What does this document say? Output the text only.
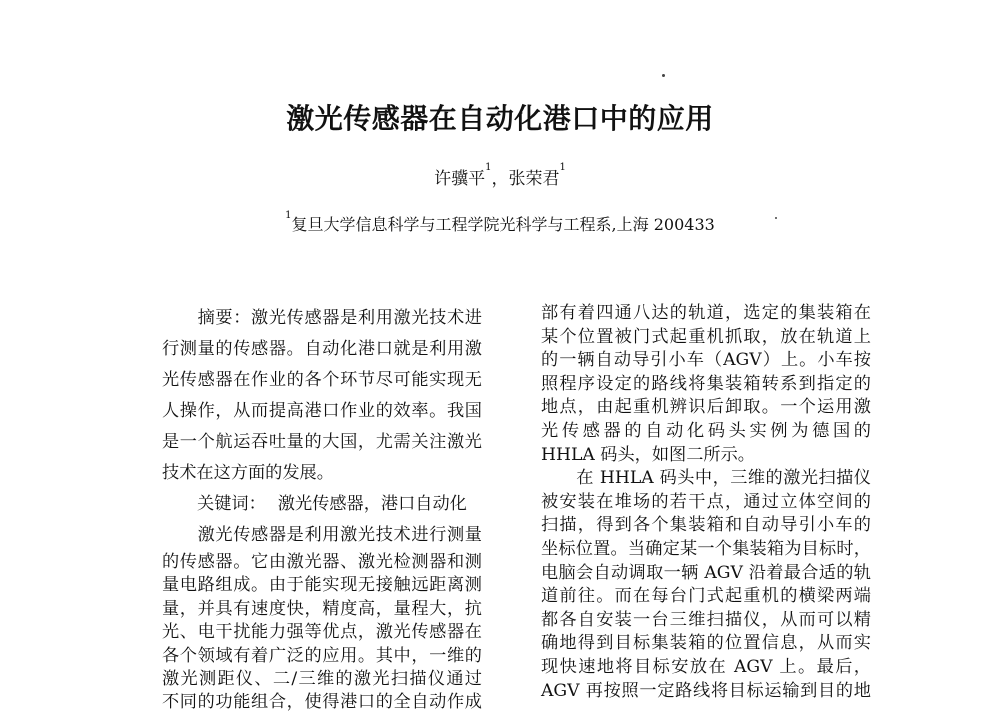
激光传感器在自动化港口中的应用
许骥平$^1$，张荣君$^1$
$^1$复旦大学信息科学与工程学院光科学与工程系,上海 200433
　　摘要：激光传感器是利用激光技术进
行测量的传感器。自动化港口就是利用激
光传感器在作业的各个环节尽可能实现无
人操作，从而提高港口作业的效率。我国
是一个航运吞吐量的大国，尤需关注激光
技术在这方面的发展。
关键词： 激光传感器，港口自动化
　　激光传感器是利用激光技术进行测量
的传感器。它由激光器、激光检测器和测
量电路组成。由于能实现无接触远距离测
量，并具有速度快，精度高，量程大，抗
光、电干扰能力强等优点，激光传感器在
各个领域有着广泛的应用。其中，一维的
激光测距仪、二/三维的激光扫描仪通过
不同的功能组合，使得港口的全自动作成
部有着四通八达的轨道，选定的集装箱在
某个位置被门式起重机抓取，放在轨道上
的一辆自动导引小车（AGV）上。小车按
照程序设定的路线将集装箱转系到指定的
地点，由起重机辨识后卸取。一个运用激
光传感器的自动化码头实例为德国的
HHLA 码头，如图二所示。
　　在 HHLA 码头中，三维的激光扫描仪
被安装在堆场的若干点，通过立体空间的
扫描，得到各个集装箱和自动导引小车的
坐标位置。当确定某一个集装箱为目标时，
电脑会自动调取一辆 AGV 沿着最合适的轨
道前往。而在每台门式起重机的横梁两端
都各自安装一台三维扫描仪，从而可以精
确地得到目标集装箱的位置信息，从而实
现快速地将目标安放在 AGV 上。最后，
AGV 再按照一定路线将目标运输到目的地
